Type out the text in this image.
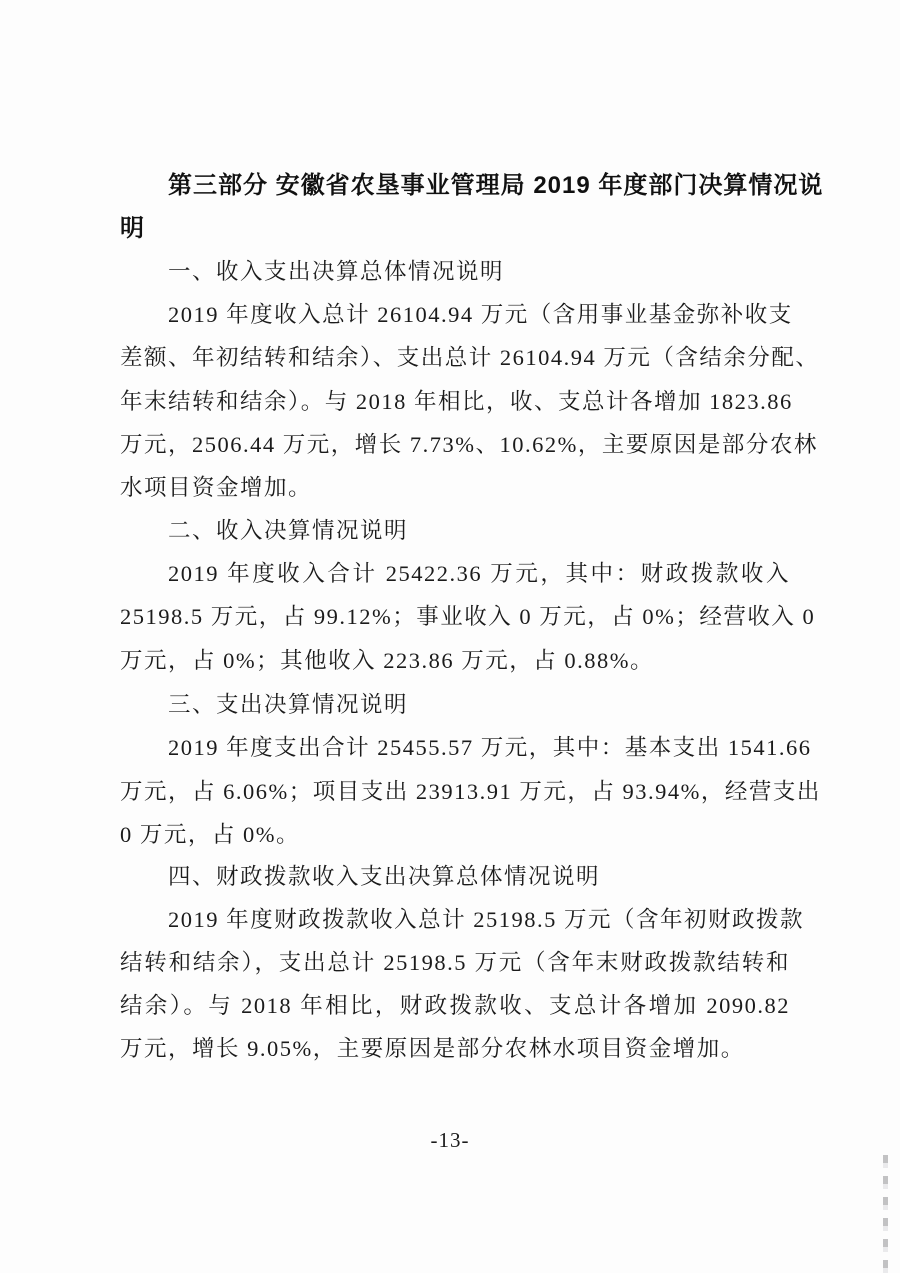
第三部分 安徽省农垦事业管理局 2019 年度部门决算情况说
明
一、收入支出决算总体情况说明
2019 年度收入总计 26104.94 万元（含用事业基金弥补收支
差额、年初结转和结余）、支出总计 26104.94 万元（含结余分配、
年末结转和结余）。与 2018 年相比，收、支总计各增加 1823.86
万元，2506.44 万元，增长 7.73%、10.62%，主要原因是部分农林
水项目资金增加。
二、收入决算情况说明
2019 年度收入合计 25422.36 万元，其中：财政拨款收入
25198.5 万元，占 99.12%；事业收入 0 万元，占 0%；经营收入 0
万元，占 0%；其他收入 223.86 万元，占 0.88%。
三、支出决算情况说明
2019 年度支出合计 25455.57 万元，其中：基本支出 1541.66
万元，占 6.06%；项目支出 23913.91 万元，占 93.94%，经营支出
0 万元，占 0%。
四、财政拨款收入支出决算总体情况说明
2019 年度财政拨款收入总计 25198.5 万元（含年初财政拨款
结转和结余），支出总计 25198.5 万元（含年末财政拨款结转和
结余）。与 2018 年相比，财政拨款收、支总计各增加 2090.82
万元，增长 9.05%，主要原因是部分农林水项目资金增加。
-13-
